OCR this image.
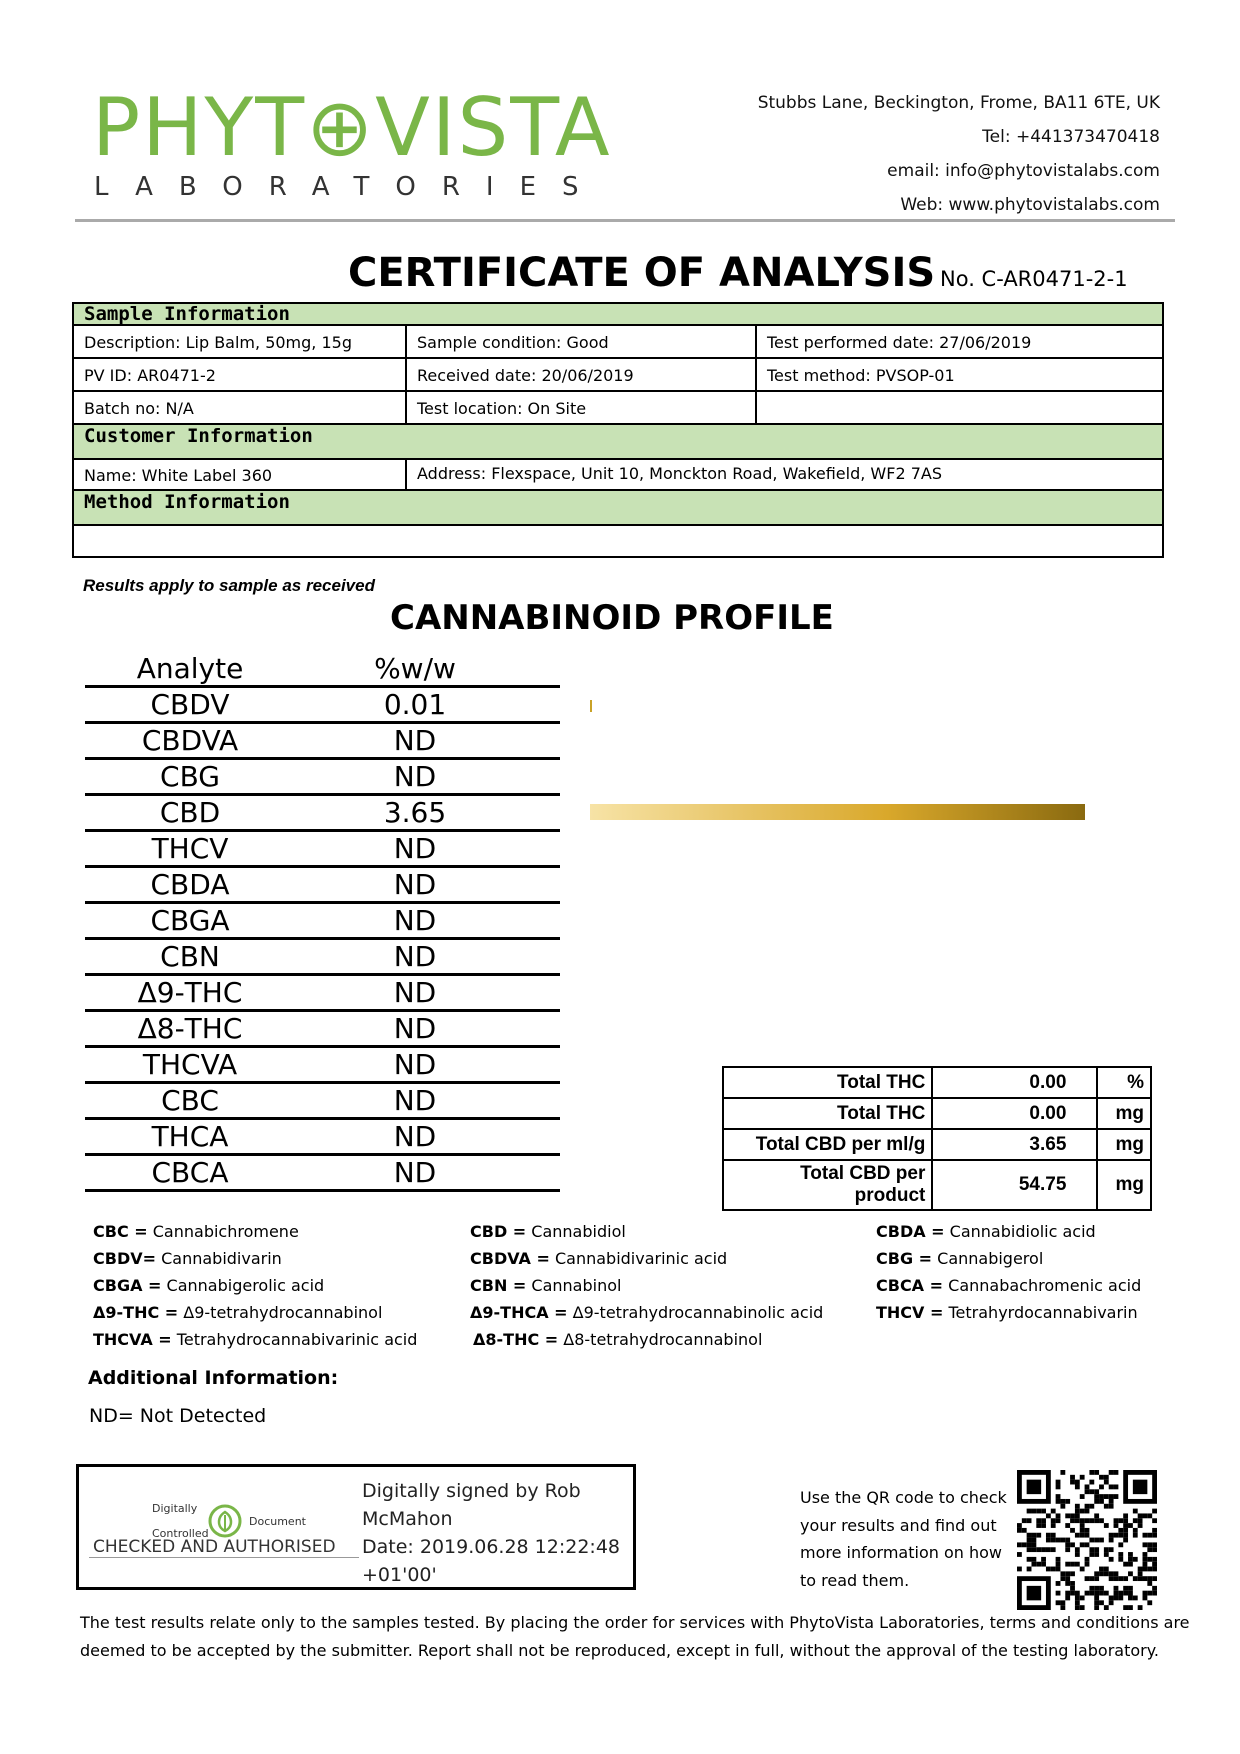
PHYT⊕VISTA
LABORATORIES
Stubbs Lane, Beckington, Frome, BA11 6TE, UK
Tel: +441373470418
email: info@phytovistalabs.com
Web: www.phytovistalabs.com
CERTIFICATE OF ANALYSIS No. C-AR0471-2-1
Sample Information
Description: Lip Balm, 50mg, 15g	Sample condition: Good	Test performed date: 27/06/2019
PV ID: AR0471-2	Received date: 20/06/2019	Test method: PVSOP-01
Batch no: N/A	Test location: On Site
Customer Information
Name: White Label 360	Address: Flexspace, Unit 10, Monckton Road, Wakefield, WF2 7AS
Method Information
Results apply to sample as received
CANNABINOID PROFILE
Analyte	%w/w
CBDV	0.01
CBDVA	ND
CBG	ND
CBD	3.65
THCV	ND
CBDA	ND
CBGA	ND
CBN	ND
Δ9-THC	ND
Δ8-THC	ND
THCVA	ND
CBC	ND
THCA	ND
CBCA	ND
Total THC	0.00	%
Total THC	0.00	mg
Total CBD per ml/g	3.65	mg
Total CBD per product	54.75	mg
CBC = Cannabichromene
CBDV= Cannabidivarin
CBGA = Cannabigerolic acid
Δ9-THC = Δ9-tetrahydrocannabinol
THCVA = Tetrahydrocannabivarinic acid
CBD = Cannabidiol
CBDVA = Cannabidivarinic acid
CBN = Cannabinol
Δ9-THCA = Δ9-tetrahydrocannabinolic acid
Δ8-THC = Δ8-tetrahydrocannabinol
CBDA = Cannabidiolic acid
CBG = Cannabigerol
CBCA = Cannabachromenic acid
THCV = Tetrahyrdocannabivarin
Additional Information:
ND= Not Detected
Digitally
Document
Controlled
CHECKED AND AUTHORISED
Digitally signed by Rob
McMahon
Date: 2019.06.28 12:22:48
+01'00'
Use the QR code to check
your results and find out
more information on how
to read them.
The test results relate only to the samples tested. By placing the order for services with PhytoVista Laboratories, terms and conditions are
deemed to be accepted by the submitter. Report shall not be reproduced, except in full, without the approval of the testing laboratory.
